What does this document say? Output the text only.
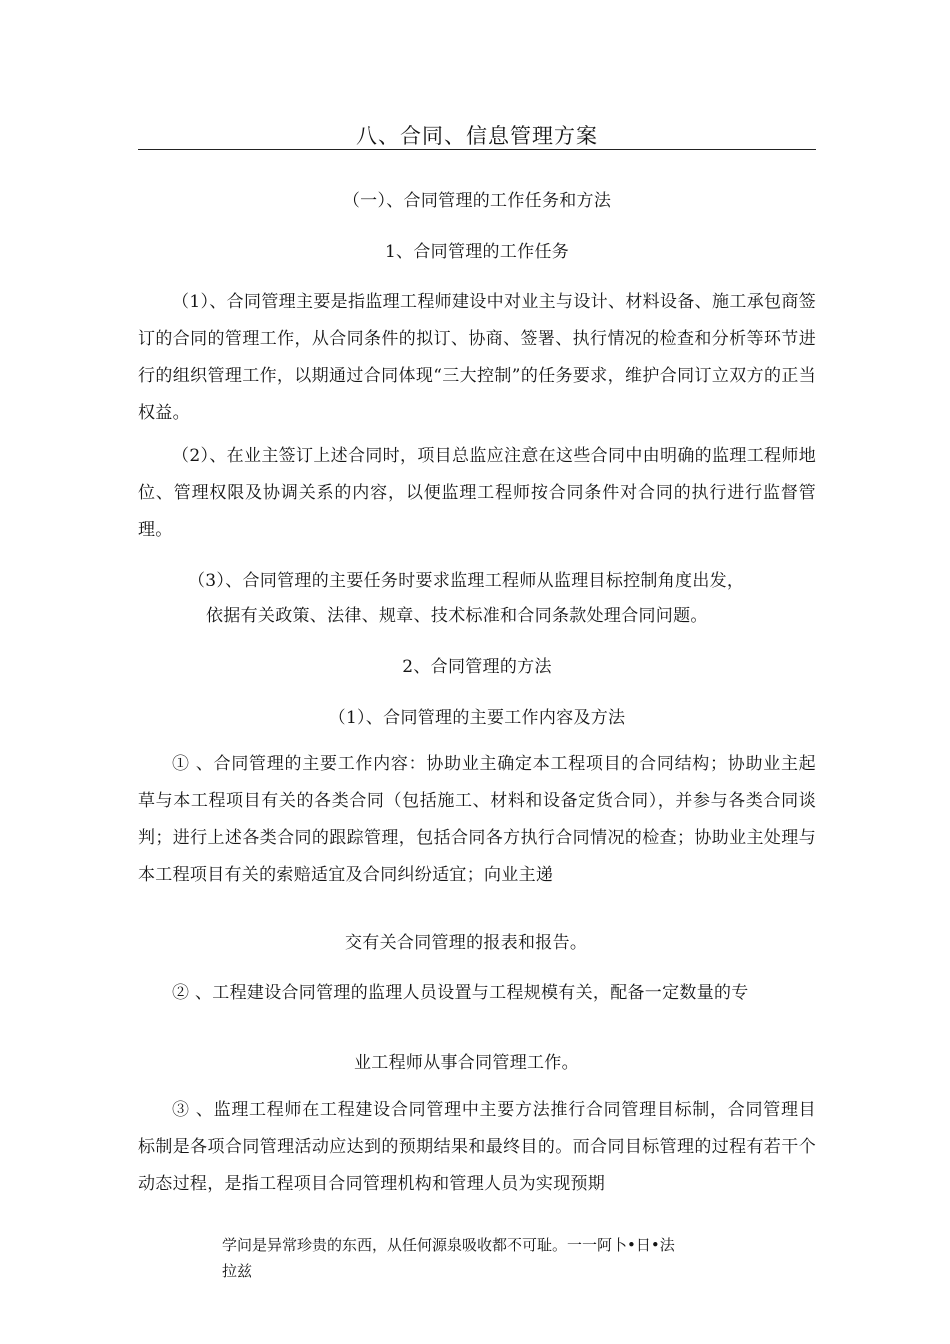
八、合同、信息管理方案
（一）、合同管理的工作任务和方法
1、合同管理的工作任务
（1）、合同管理主要是指监理工程师建设中对业主与设计、材料设备、施工承包商签订的合同的管理工作，从合同条件的拟订、协商、签署、执行情况的检查和分析等环节进行的组织管理工作，以期通过合同体现“三大控制”的任务要求，维护合同订立双方的正当权益。
（2）、在业主签订上述合同时，项目总监应注意在这些合同中由明确的监理工程师地位、管理权限及协调关系的内容，以便监理工程师按合同条件对合同的执行进行监督管理。
（3）、合同管理的主要任务时要求监理工程师从监理目标控制角度出发，
依据有关政策、法律、规章、技术标准和合同条款处理合同问题。
2、合同管理的方法
（1）、合同管理的主要工作内容及方法
① 、合同管理的主要工作内容：协助业主确定本工程项目的合同结构；协助业主起草与本工程项目有关的各类合同（包括施工、材料和设备定货合同），并参与各类合同谈判；进行上述各类合同的跟踪管理，包括合同各方执行合同情况的检查；协助业主处理与本工程项目有关的索赔适宜及合同纠纷适宜；向业主递
交有关合同管理的报表和报告。
② 、工程建设合同管理的监理人员设置与工程规模有关，配备一定数量的专
业工程师从事合同管理工作。
③ 、监理工程师在工程建设合同管理中主要方法推行合同管理目标制，合同管理目标制是各项合同管理活动应达到的预期结果和最终目的。而合同目标管理的过程有若干个动态过程，是指工程项目合同管理机构和管理人员为实现预期
学问是异常珍贵的东西，从任何源泉吸收都不可耻。一一阿卜•日•法
拉兹
